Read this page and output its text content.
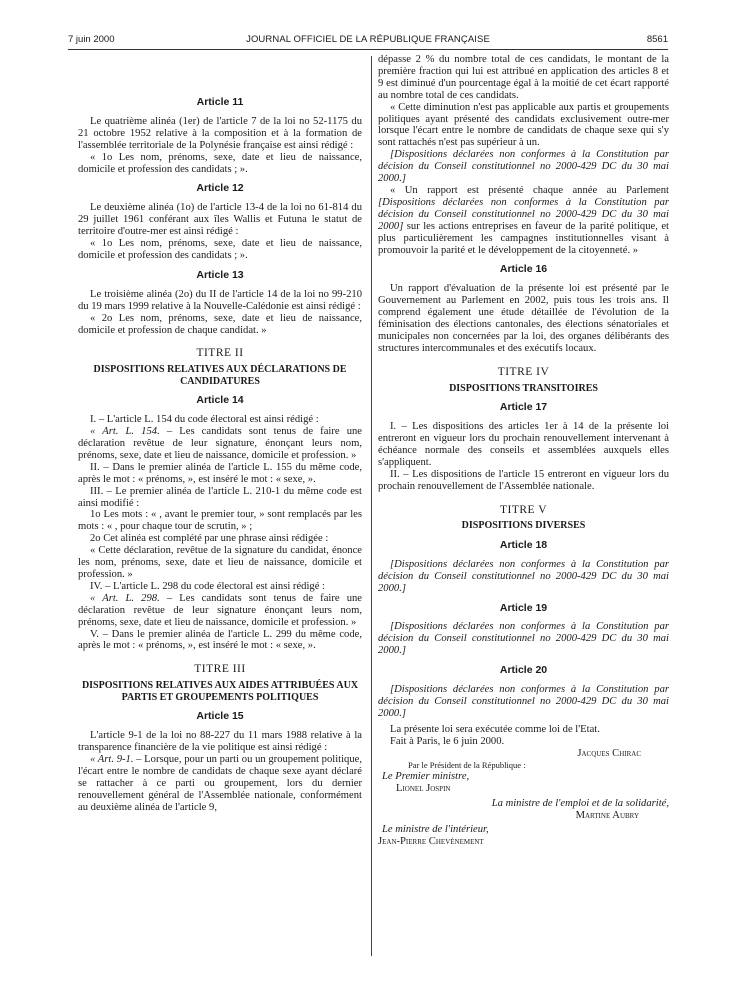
7 juin 2000	JOURNAL OFFICIEL DE LA RÉPUBLIQUE FRANÇAISE	8561
Article 11

Le quatrième alinéa (1er) de l'article 7 de la loi no 52-1175 du 21 octobre 1952 relative à la composition et à la formation de l'assemblée territoriale de la Polynésie française est ainsi rédigé :

« 1o Les nom, prénoms, sexe, date et lieu de naissance, domicile et profession des candidats ; ».

Article 12

Le deuxième alinéa (1o) de l'article 13-4 de la loi no 61-814 du 29 juillet 1961 conférant aux îles Wallis et Futuna le statut de territoire d'outre-mer est ainsi rédigé :

« 1o Les nom, prénoms, sexe, date et lieu de naissance, domicile et profession des candidats ; ».

Article 13

Le troisième alinéa (2o) du II de l'article 14 de la loi no 99-210 du 19 mars 1999 relative à la Nouvelle-Calédonie est ainsi rédigé :

« 2o Les nom, prénoms, sexe, date et lieu de naissance, domicile et profession de chaque candidat. »

TITRE II
DISPOSITIONS RELATIVES AUX DÉCLARATIONS DE CANDIDATURES
Article 14

I. – L'article L. 154 du code électoral est ainsi rédigé :

« Art. L. 154. – Les candidats sont tenus de faire une déclaration revêtue de leur signature, énonçant leurs nom, prénoms, sexe, date et lieu de naissance, domicile et profession. »

II. – Dans le premier alinéa de l'article L. 155 du même code, après le mot : « prénoms, », est inséré le mot : « sexe, ».

III. – Le premier alinéa de l'article L. 210-1 du même code est ainsi modifié :

1o Les mots : « , avant le premier tour, » sont remplacés par les mots : « , pour chaque tour de scrutin, » ;

2o Cet alinéa est complété par une phrase ainsi rédigée :

« Cette déclaration, revêtue de la signature du candidat, énonce les nom, prénoms, sexe, date et lieu de naissance, domicile et profession. »

IV. – L'article L. 298 du code électoral est ainsi rédigé :

« Art. L. 298. – Les candidats sont tenus de faire une déclaration revêtue de leur signature énonçant leurs nom, prénoms, sexe, date et lieu de naissance, domicile et profession. »

V. – Dans le premier alinéa de l'article L. 299 du même code, après le mot : « prénoms, », est inséré le mot : « sexe, ».

TITRE III
DISPOSITIONS RELATIVES AUX AIDES ATTRIBUÉES AUX PARTIS ET GROUPEMENTS POLITIQUES
Article 15

L'article 9-1 de la loi no 88-227 du 11 mars 1988 relative à la transparence financière de la vie politique est ainsi rédigé :

« Art. 9-1. – Lorsque, pour un parti ou un groupement politique, l'écart entre le nombre de candidats de chaque sexe ayant déclaré se rattacher à ce parti ou groupement, lors du dernier renouvellement général de l'Assemblée nationale, conformément au deuxième alinéa de l'article 9,

dépasse 2 % du nombre total de ces candidats, le montant de la première fraction qui lui est attribué en application des articles 8 et 9 est diminué d'un pourcentage égal à la moitié de cet écart rapporté au nombre total de ces candidats.

« Cette diminution n'est pas applicable aux partis et groupements politiques ayant présenté des candidats exclusivement outre-mer lorsque l'écart entre le nombre de candidats de chaque sexe qui s'y sont rattachés n'est pas supérieur à un.

[Dispositions déclarées non conformes à la Constitution par décision du Conseil constitutionnel no 2000-429 DC du 30 mai 2000.]

« Un rapport est présenté chaque année au Parlement [Dispositions déclarées non conformes à la Constitution par décision du Conseil constitutionnel no 2000-429 DC du 30 mai 2000] sur les actions entreprises en faveur de la parité politique, et plus particulièrement les campagnes institutionnelles visant à promouvoir la parité et le développement de la citoyenneté. »

Article 16

Un rapport d'évaluation de la présente loi est présenté par le Gouvernement au Parlement en 2002, puis tous les trois ans. Il comprend également une étude détaillée de l'évolution de la féminisation des élections cantonales, des élections sénatoriales et municipales non concernées par la loi, des organes délibérants des structures intercommunales et des exécutifs locaux.

TITRE IV
DISPOSITIONS TRANSITOIRES
Article 17

I. – Les dispositions des articles 1er à 14 de la présente loi entreront en vigueur lors du prochain renouvellement intervenant à échéance normale des conseils et assemblées auxquels elles s'appliquent.

II. – Les dispositions de l'article 15 entreront en vigueur lors du prochain renouvellement de l'Assemblée nationale.

TITRE V
DISPOSITIONS DIVERSES
Article 18

[Dispositions déclarées non conformes à la Constitution par décision du Conseil constitutionnel no 2000-429 DC du 30 mai 2000.]

Article 19

[Dispositions déclarées non conformes à la Constitution par décision du Conseil constitutionnel no 2000-429 DC du 30 mai 2000.]

Article 20

[Dispositions déclarées non conformes à la Constitution par décision du Conseil constitutionnel no 2000-429 DC du 30 mai 2000.]

La présente loi sera exécutée comme loi de l'Etat.

Fait à Paris, le 6 juin 2000.

Jacques Chirac
Par le Président de la République :
Le Premier ministre,
Lionel Jospin
La ministre de l'emploi et de la solidarité,
Martine Aubry
Le ministre de l'intérieur,
Jean-Pierre Chevènement
